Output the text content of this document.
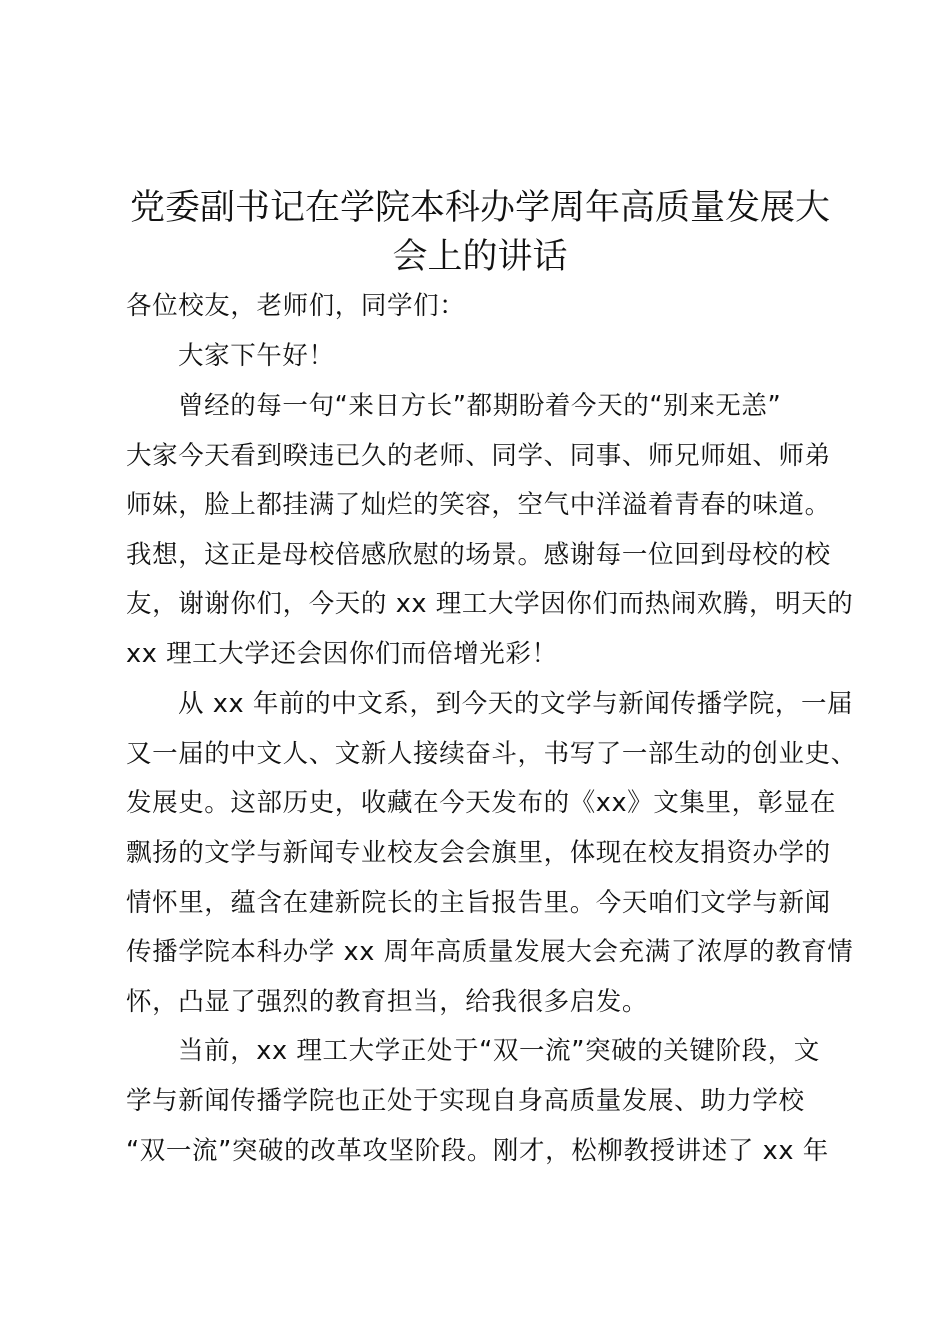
党委副书记在学院本科办学周年高质量发展大
会上的讲话

各位校友，老师们，同学们：

大家下午好！

曾经的每一句“来日方长”都期盼着今天的“别来无恙”

大家今天看到暌违已久的老师、同学、同事、师兄师姐、师弟

师妹，脸上都挂满了灿烂的笑容，空气中洋溢着青春的味道。

我想，这正是母校倍感欣慰的场景。感谢每一位回到母校的校

友，谢谢你们，今天的 xx 理工大学因你们而热闹欢腾，明天的

xx 理工大学还会因你们而倍增光彩！

从 xx 年前的中文系，到今天的文学与新闻传播学院，一届

又一届的中文人、文新人接续奋斗，书写了一部生动的创业史、

发展史。这部历史，收藏在今天发布的《xx》文集里，彰显在

飘扬的文学与新闻专业校友会会旗里，体现在校友捐资办学的

情怀里，蕴含在建新院长的主旨报告里。今天咱们文学与新闻

传播学院本科办学 xx 周年高质量发展大会充满了浓厚的教育情

怀，凸显了强烈的教育担当，给我很多启发。

当前，xx 理工大学正处于“双一流”突破的关键阶段，文

学与新闻传播学院也正处于实现自身高质量发展、助力学校

“双一流”突破的改革攻坚阶段。刚才，松柳教授讲述了 xx 年
